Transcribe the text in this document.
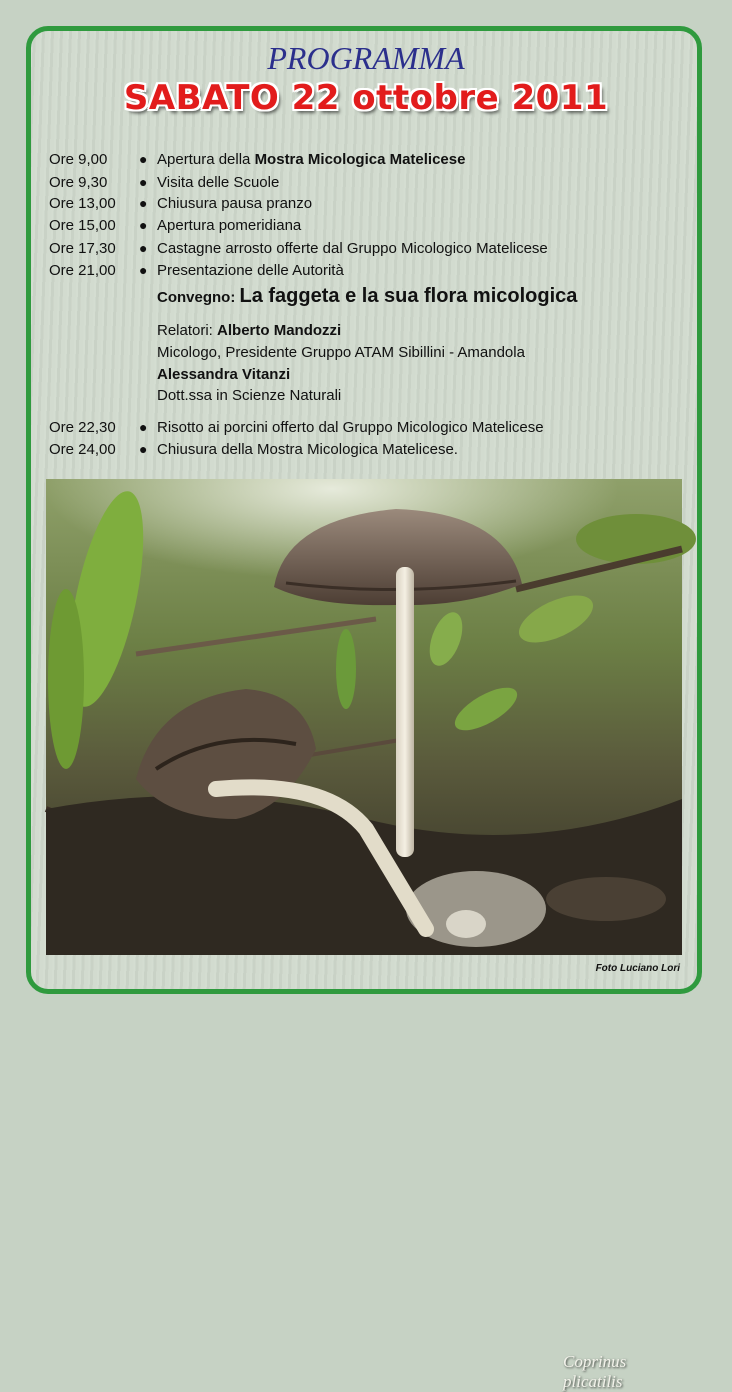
PROGRAMMA
SABATO 22 ottobre 2011
Ore 9,00 ● Apertura della Mostra Micologica Matelicese
Ore 9,30 ● Visita delle Scuole
Ore 13,00 ● Chiusura pausa pranzo
Ore 15,00 ● Apertura pomeridiana
Ore 17,30 ● Castagne arrosto offerte dal Gruppo Micologico Matelicese
Ore 21,00 ● Presentazione delle Autorità
Convegno: La faggeta e la sua flora micologica
Relatori: Alberto Mandozzi
Micologo, Presidente Gruppo ATAM Sibillini - Amandola
Alessandra Vitanzi
Dott.ssa in Scienze Naturali
Ore 22,30 ● Risotto ai porcini offerto dal Gruppo Micologico Matelicese
Ore 24,00 ● Chiusura della Mostra Micologica Matelicese.
Coprinus plicatilis
Foto Luciano Lori
